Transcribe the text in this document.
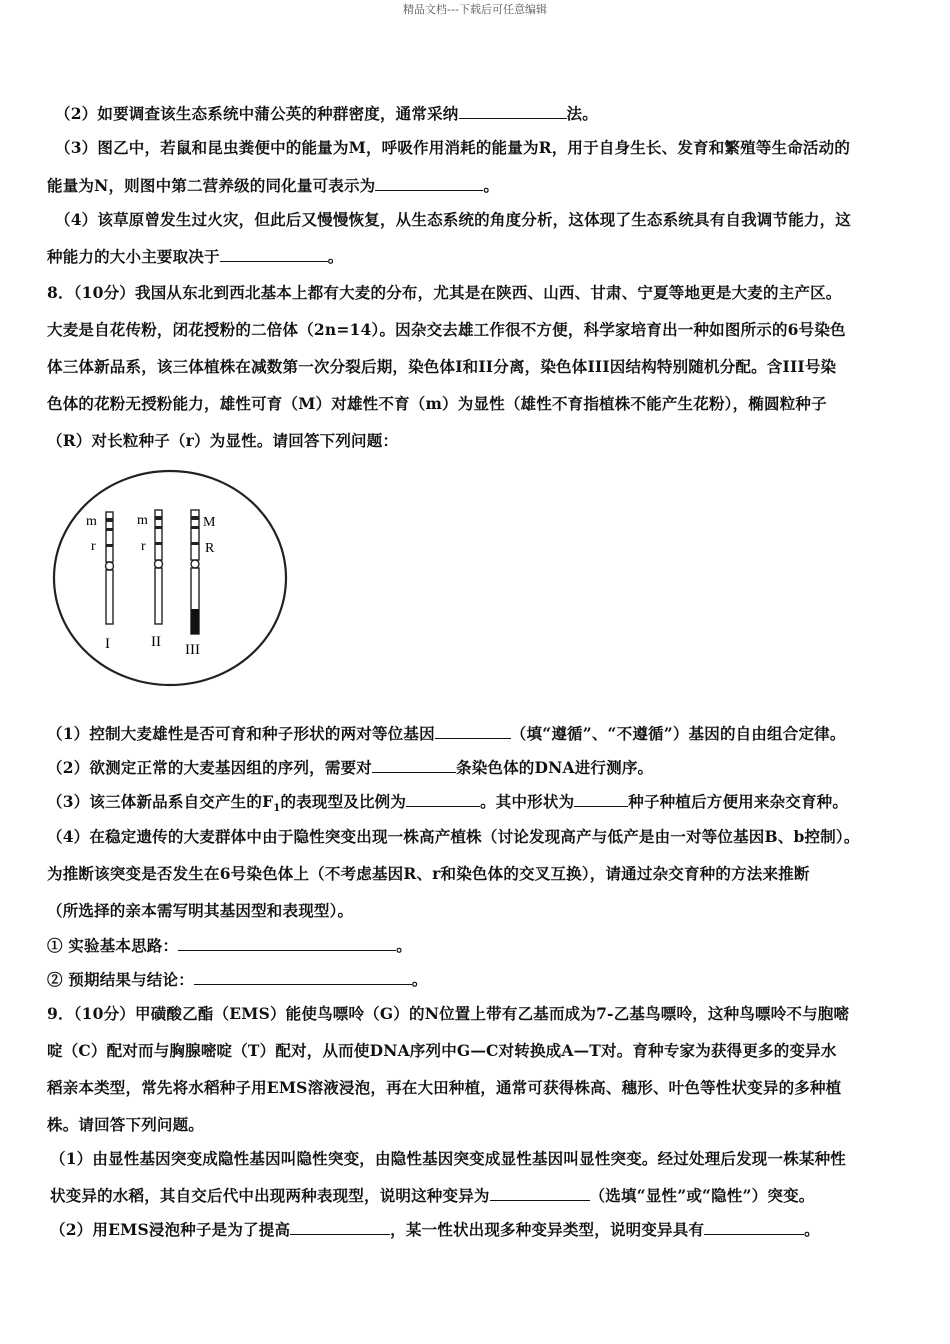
精品文档---下载后可任意编辑
（2）如要调查该生态系统中蒲公英的种群密度，通常采纳	法。
（3）图乙中，若鼠和昆虫粪便中的能量为M，呼吸作用消耗的能量为R，用于自身生长、发育和繁殖等生命活动的
能量为N，则图中第二营养级的同化量可表示为	。
（4）该草原曾发生过火灾，但此后又慢慢恢复，从生态系统的角度分析，这体现了生态系统具有自我调节能力，这
种能力的大小主要取决于	。
8．（10分）我国从东北到西北基本上都有大麦的分布，尤其是在陕西、山西、甘肃、宁夏等地更是大麦的主产区。
大麦是自花传粉，闭花授粉的二倍体（2n=14）。因杂交去雄工作很不方便，科学家培育出一种如图所示的6号染色
体三体新品系，该三体植株在减数第一次分裂后期，染色体I和II分离，染色体III因结构特别随机分配。含III号染
色体的花粉无授粉能力，雄性可育（M）对雄性不育（m）为显性（雄性不育指植株不能产生花粉），椭圆粒种子
（R）对长粒种子（r）为显性。请回答下列问题：
m
r
I
m
r
II
M
R
III
（1）控制大麦雄性是否可育和种子形状的两对等位基因	（填“遵循”、“不遵循”）基因的自由组合定律。
（2）欲测定正常的大麦基因组的序列，需要对	条染色体的DNA进行测序。
（3）该三体新品系自交产生的$F_1$的表现型及比例为	。其中形状为	种子种植后方便用来杂交育种。
（4）在稳定遗传的大麦群体中由于隐性突变出现一株高产植株（讨论发现高产与低产是由一对等位基因B、b控制）。
为推断该突变是否发生在6号染色体上（不考虑基因R、r和染色体的交叉互换），请通过杂交育种的方法来推断
（所选择的亲本需写明其基因型和表现型）。
① 实验基本思路：	。
② 预期结果与结论：	。
9．（10分）甲磺酸乙酯（EMS）能使鸟嘌呤（G）的N位置上带有乙基而成为7-乙基鸟嘌呤，这种鸟嘌呤不与胞嘧
啶（C）配对而与胸腺嘧啶（T）配对，从而使DNA序列中G—C对转换成A—T对。育种专家为获得更多的变异水
稻亲本类型，常先将水稻种子用EMS溶液浸泡，再在大田种植，通常可获得株高、穗形、叶色等性状变异的多种植
株。请回答下列问题。
（1）由显性基因突变成隐性基因叫隐性突变，由隐性基因突变成显性基因叫显性突变。经过处理后发现一株某种性
状变异的水稻，其自交后代中出现两种表现型，说明这种变异为	（选填“显性”或“隐性”）突变。
（2）用EMS浸泡种子是为了提高	，某一性状出现多种变异类型，说明变异具有	。
